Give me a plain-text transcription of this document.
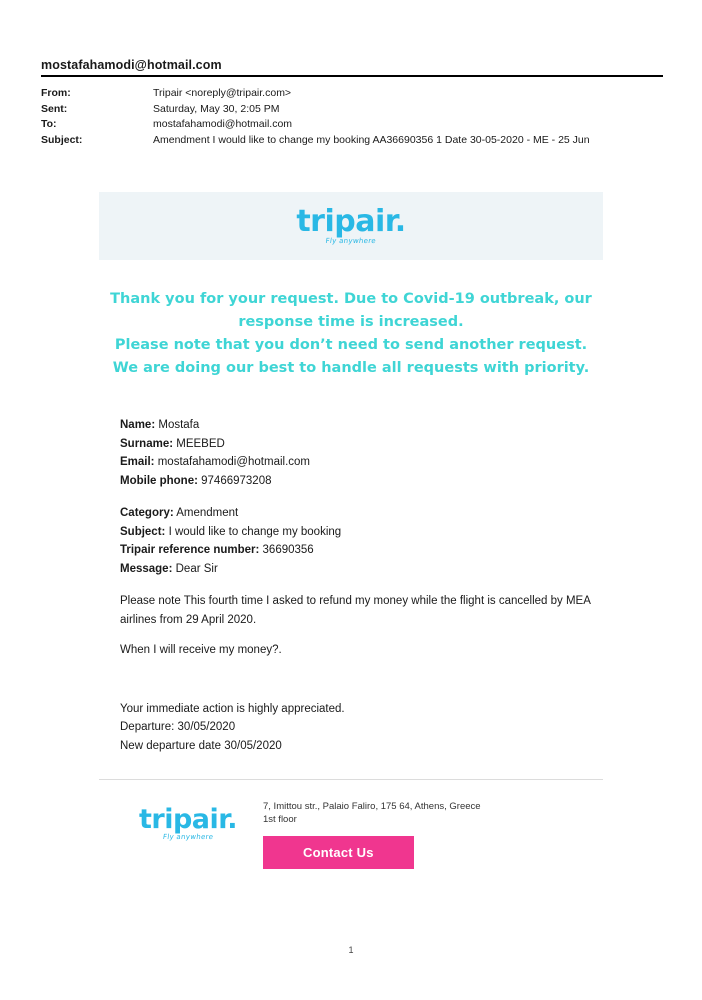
mostafahamodi@hotmail.com
From:	Tripair <noreply@tripair.com>
Sent:	Saturday, May 30, 2:05 PM
To:	mostafahamodi@hotmail.com
Subject:	Amendment I would like to change my booking AA36690356 1 Date 30-05-2020 - ME - 25 Jun
tripair.
Fly anywhere
Thank you for your request. Due to Covid-19 outbreak, our response time is increased.
Please note that you don’t need to send another request.
We are doing our best to handle all requests with priority.
Name: Mostafa
Surname: MEEBED
Email: mostafahamodi@hotmail.com
Mobile phone: 97466973208
Category: Amendment
Subject: I would like to change my booking
Tripair reference number: 36690356
Message: Dear Sir
Please note This fourth time I asked to refund my money while the flight is cancelled by MEA airlines from 29 April 2020.
When I will receive my money?.
Your immediate action is highly appreciated.
Departure: 30/05/2020
New departure date 30/05/2020
tripair.
Fly anywhere
7, Imittou str., Palaio Faliro, 175 64, Athens, Greece
1st floor
Contact Us
1
